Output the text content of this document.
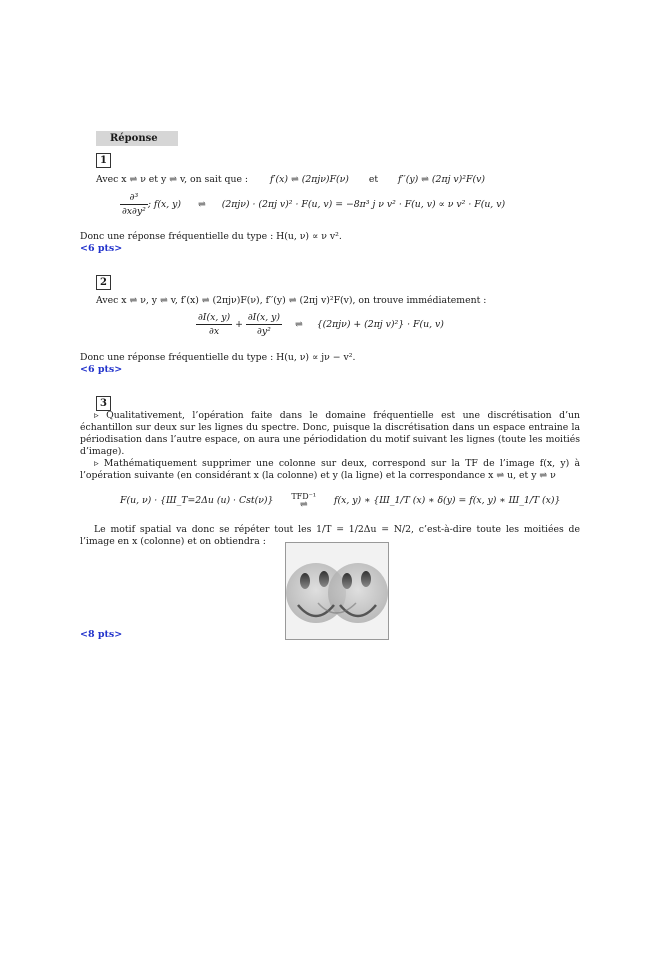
Réponse
1
Avec x ⇌ ν et y ⇌ v, on sait que : f′(x) ⇌ (2πjν)F(ν) et f′′(y) ⇌ (2πj v)²F(v)
$\frac{\text{∂³}}{\text{∂x∂y²}}$ ; f(x, y) ⇌ (2πjν) · (2πj v)² · F(u, v) = −8π³ j ν v² · F(u, v) ∝ ν v² · F(u, v)
Donc une réponse fréquentielle du type : H(u, ν) ∝ ν v².
<6 pts>
2
Avec x ⇌ ν, y ⇌ v, f′(x) ⇌ (2πjν)F(ν), f′′(y) ⇌ (2πj v)²F(v), on trouve immédiatement :
$\frac{\partial I(x, y)}{\partial x} + \frac{\partial I(x, y)}{\text{∂y²}}$ ⇌ {(2πjν) + (2πj v)²} · F(u, v)
Donc une réponse fréquentielle du type : H(u, ν) ∝ jν − v².
<6 pts>
3
▹ Qualitativement, l’opération faite dans le domaine fréquentielle est une discrétisation d’un échantillon sur deux sur les lignes du spectre. Donc, puisque la discrétisation dans un espace entraine la périodisation dans l’autre espace, on aura une périodidation du motif suivant les lignes (toute les moitiés d’image).
▹ Mathématiquement supprimer une colonne sur deux, correspond sur la TF de l’image f(x, y) à l’opération suivante (en considérant x (la colonne) et y (la ligne) et la correspondance x ⇌ u, et y ⇌ ν
F(u, ν) · {Ш_T=2Δu (u) · Cst(ν)} TFD⁻¹
⇌	f(x, y) ∗ {Ш_1/T (x) ∗ δ(y) = f(x, y) ∗ Ш_1/T (x)}
Le motif spatial va donc se répéter tout les 1/T = 1/2Δu = N/2, c’est-à-dire toute les moitiées de l’image en x (colonne) et on obtiendra :
<8 pts>
